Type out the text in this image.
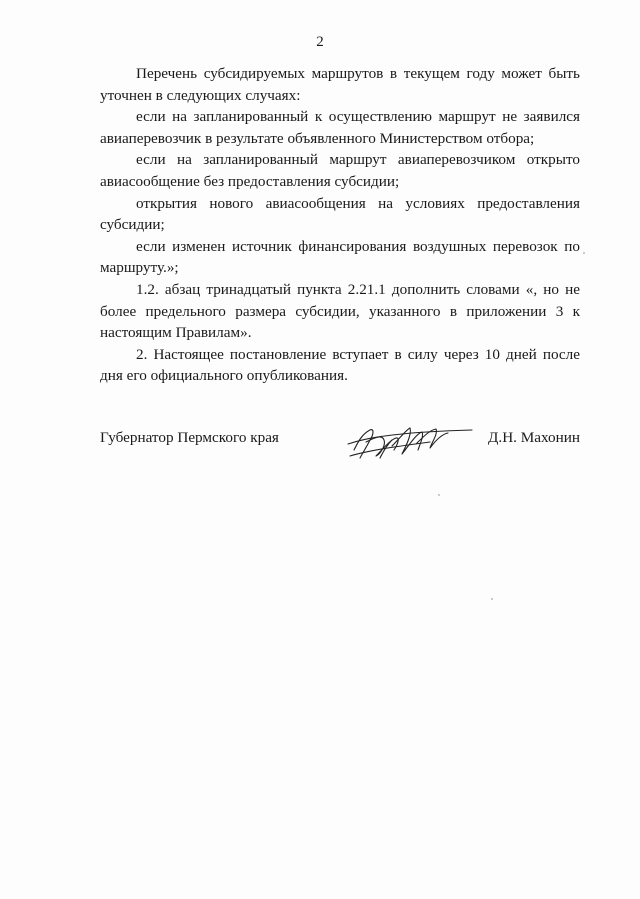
2

Перечень субсидируемых маршрутов в текущем году может быть уточнен в следующих случаях:

если на запланированный к осуществлению маршрут не заявился авиаперевозчик в результате объявленного Министерством отбора;

если на запланированный маршрут авиаперевозчиком открыто авиасообщение без предоставления субсидии;

открытия нового авиасообщения на условиях предоставления субсидии;

если изменен источник финансирования воздушных перевозок по маршруту.»;

1.2. абзац тринадцатый пункта 2.21.1 дополнить словами «, но не более предельного размера субсидии, указанного в приложении 3 к настоящим Правилам».

2. Настоящее постановление вступает в силу через 10 дней после дня его официального опубликования.

Губернатор Пермского края	Д.Н. Махонин
